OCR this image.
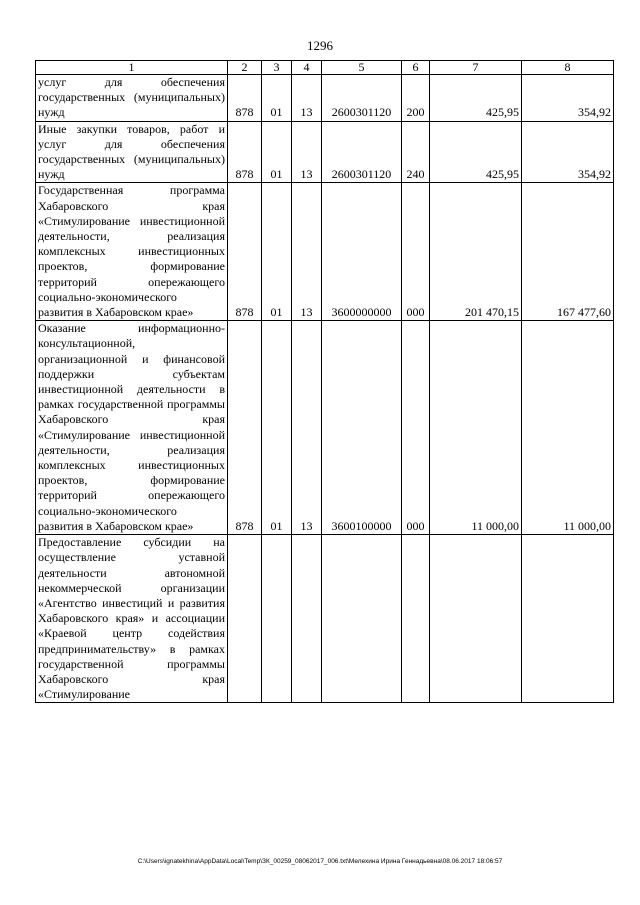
1296
1	2	3	4	5	6	7	8
услуг для обеспечения государственных (муниципальных) нужд	878	01	13	2600301120	200	425,95	354,92
Иные закупки товаров, работ и услуг для обеспечения государственных (муниципальных) нужд	878	01	13	2600301120	240	425,95	354,92
Государственная программа Хабаровского края «Стимулирование инвестиционной деятельности, реализация комплексных инвестиционных проектов, формирование территорий опережающего социально-экономического развития в Хабаровском крае»	878	01	13	3600000000	000	201 470,15	167 477,60
Оказание информационно-консультационной, организационной и финансовой поддержки субъектам инвестиционной деятельности в рамках государственной программы Хабаровского края «Стимулирование инвестиционной деятельности, реализация комплексных инвестиционных проектов, формирование территорий опережающего социально-экономического развития в Хабаровском крае»	878	01	13	3600100000	000	11 000,00	11 000,00
Предоставление субсидии на осуществление уставной деятельности автономной некоммерческой организации «Агентство инвестиций и развития Хабаровского края» и ассоциации «Краевой центр содействия предпринимательству» в рамках государственной программы Хабаровского края «Стимулирование							
C:\Users\ignatekhina\AppData\Local\Temp\ЗК_00259_08062017_006.txt\Мелехина Ирина Геннадьевна\08.06.2017 18:06:57
